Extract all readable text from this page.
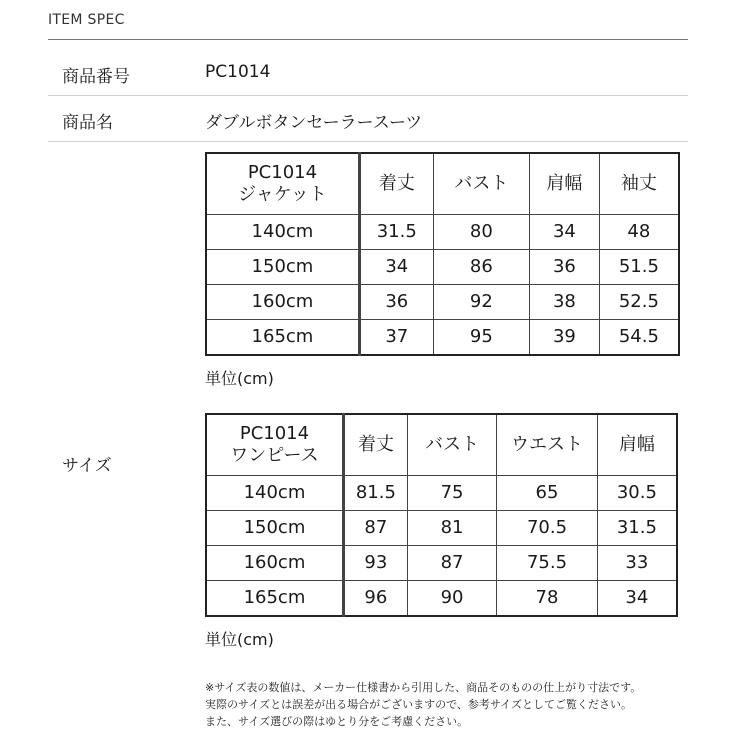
ITEM SPEC
商品番号	PC1014
商品名	ダブルボタンセーラースーツ
サイズ
PC1014
ジャケット	着丈	バスト	肩幅	袖丈
140cm	31.5	80	34	48
150cm	34	86	36	51.5
160cm	36	92	38	52.5
165cm	37	95	39	54.5
単位(cm)
PC1014
ワンピース	着丈	バスト	ウエスト	肩幅
140cm	81.5	75	65	30.5
150cm	87	81	70.5	31.5
160cm	93	87	75.5	33
165cm	96	90	78	34
単位(cm)
※サイズ表の数値は、メーカー仕様書から引用した、商品そのものの仕上がり寸法です。
実際のサイズとは誤差が出る場合がございますので、参考サイズとしてご覧ください。
また、サイズ選びの際はゆとり分をご考慮ください。
